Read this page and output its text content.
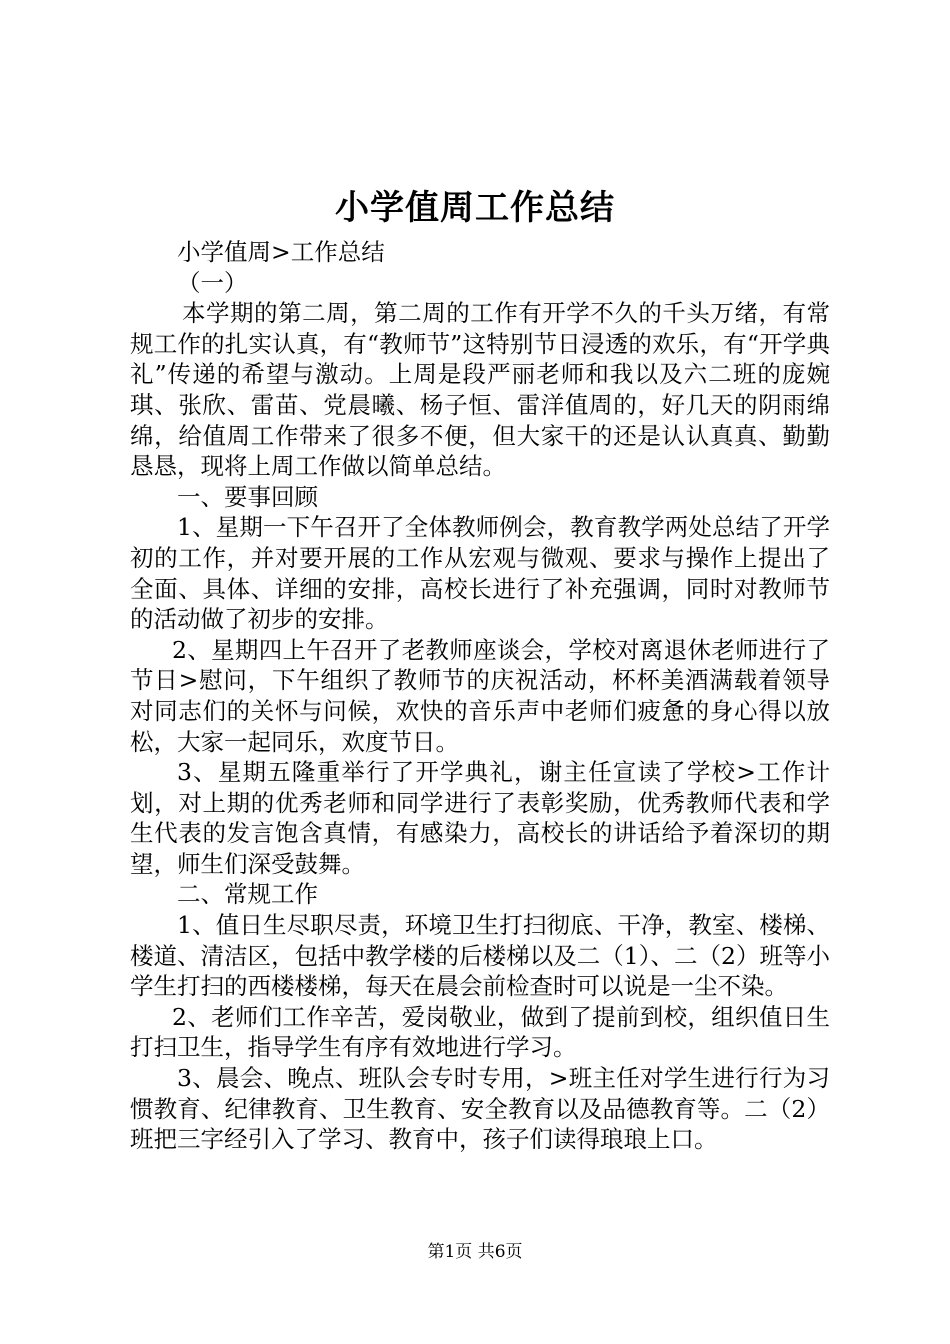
小学值周工作总结

小学值周>工作总结

（一）

本学期的第二周，第二周的工作有开学不久的千头万绪，有常规工作的扎实认真，有“教师节”这特别节日浸透的欢乐，有“开学典礼”传递的希望与激动。上周是段严丽老师和我以及六二班的庞婉琪、张欣、雷苗、党晨曦、杨子恒、雷洋值周的，好几天的阴雨绵绵，给值周工作带来了很多不便，但大家干的还是认认真真、勤勤恳恳，现将上周工作做以简单总结。

一、要事回顾

1、星期一下午召开了全体教师例会，教育教学两处总结了开学初的工作，并对要开展的工作从宏观与微观、要求与操作上提出了全面、具体、详细的安排，高校长进行了补充强调，同时对教师节的活动做了初步的安排。

2、星期四上午召开了老教师座谈会，学校对离退休老师进行了节日>慰问，下午组织了教师节的庆祝活动，杯杯美酒满载着领导对同志们的关怀与问候，欢快的音乐声中老师们疲惫的身心得以放松，大家一起同乐，欢度节日。

3、星期五隆重举行了开学典礼，谢主任宣读了学校>工作计划，对上期的优秀老师和同学进行了表彰奖励，优秀教师代表和学生代表的发言饱含真情，有感染力，高校长的讲话给予着深切的期望，师生们深受鼓舞。

二、常规工作

1、值日生尽职尽责，环境卫生打扫彻底、干净，教室、楼梯、楼道、清洁区，包括中教学楼的后楼梯以及二（1）、二（2）班等小学生打扫的西楼楼梯，每天在晨会前检查时可以说是一尘不染。

2、老师们工作辛苦，爱岗敬业，做到了提前到校，组织值日生打扫卫生，指导学生有序有效地进行学习。

3、晨会、晚点、班队会专时专用，>班主任对学生进行行为习惯教育、纪律教育、卫生教育、安全教育以及品德教育等。二（2）班把三字经引入了学习、教育中，孩子们读得琅琅上口。

第1页 共6页
